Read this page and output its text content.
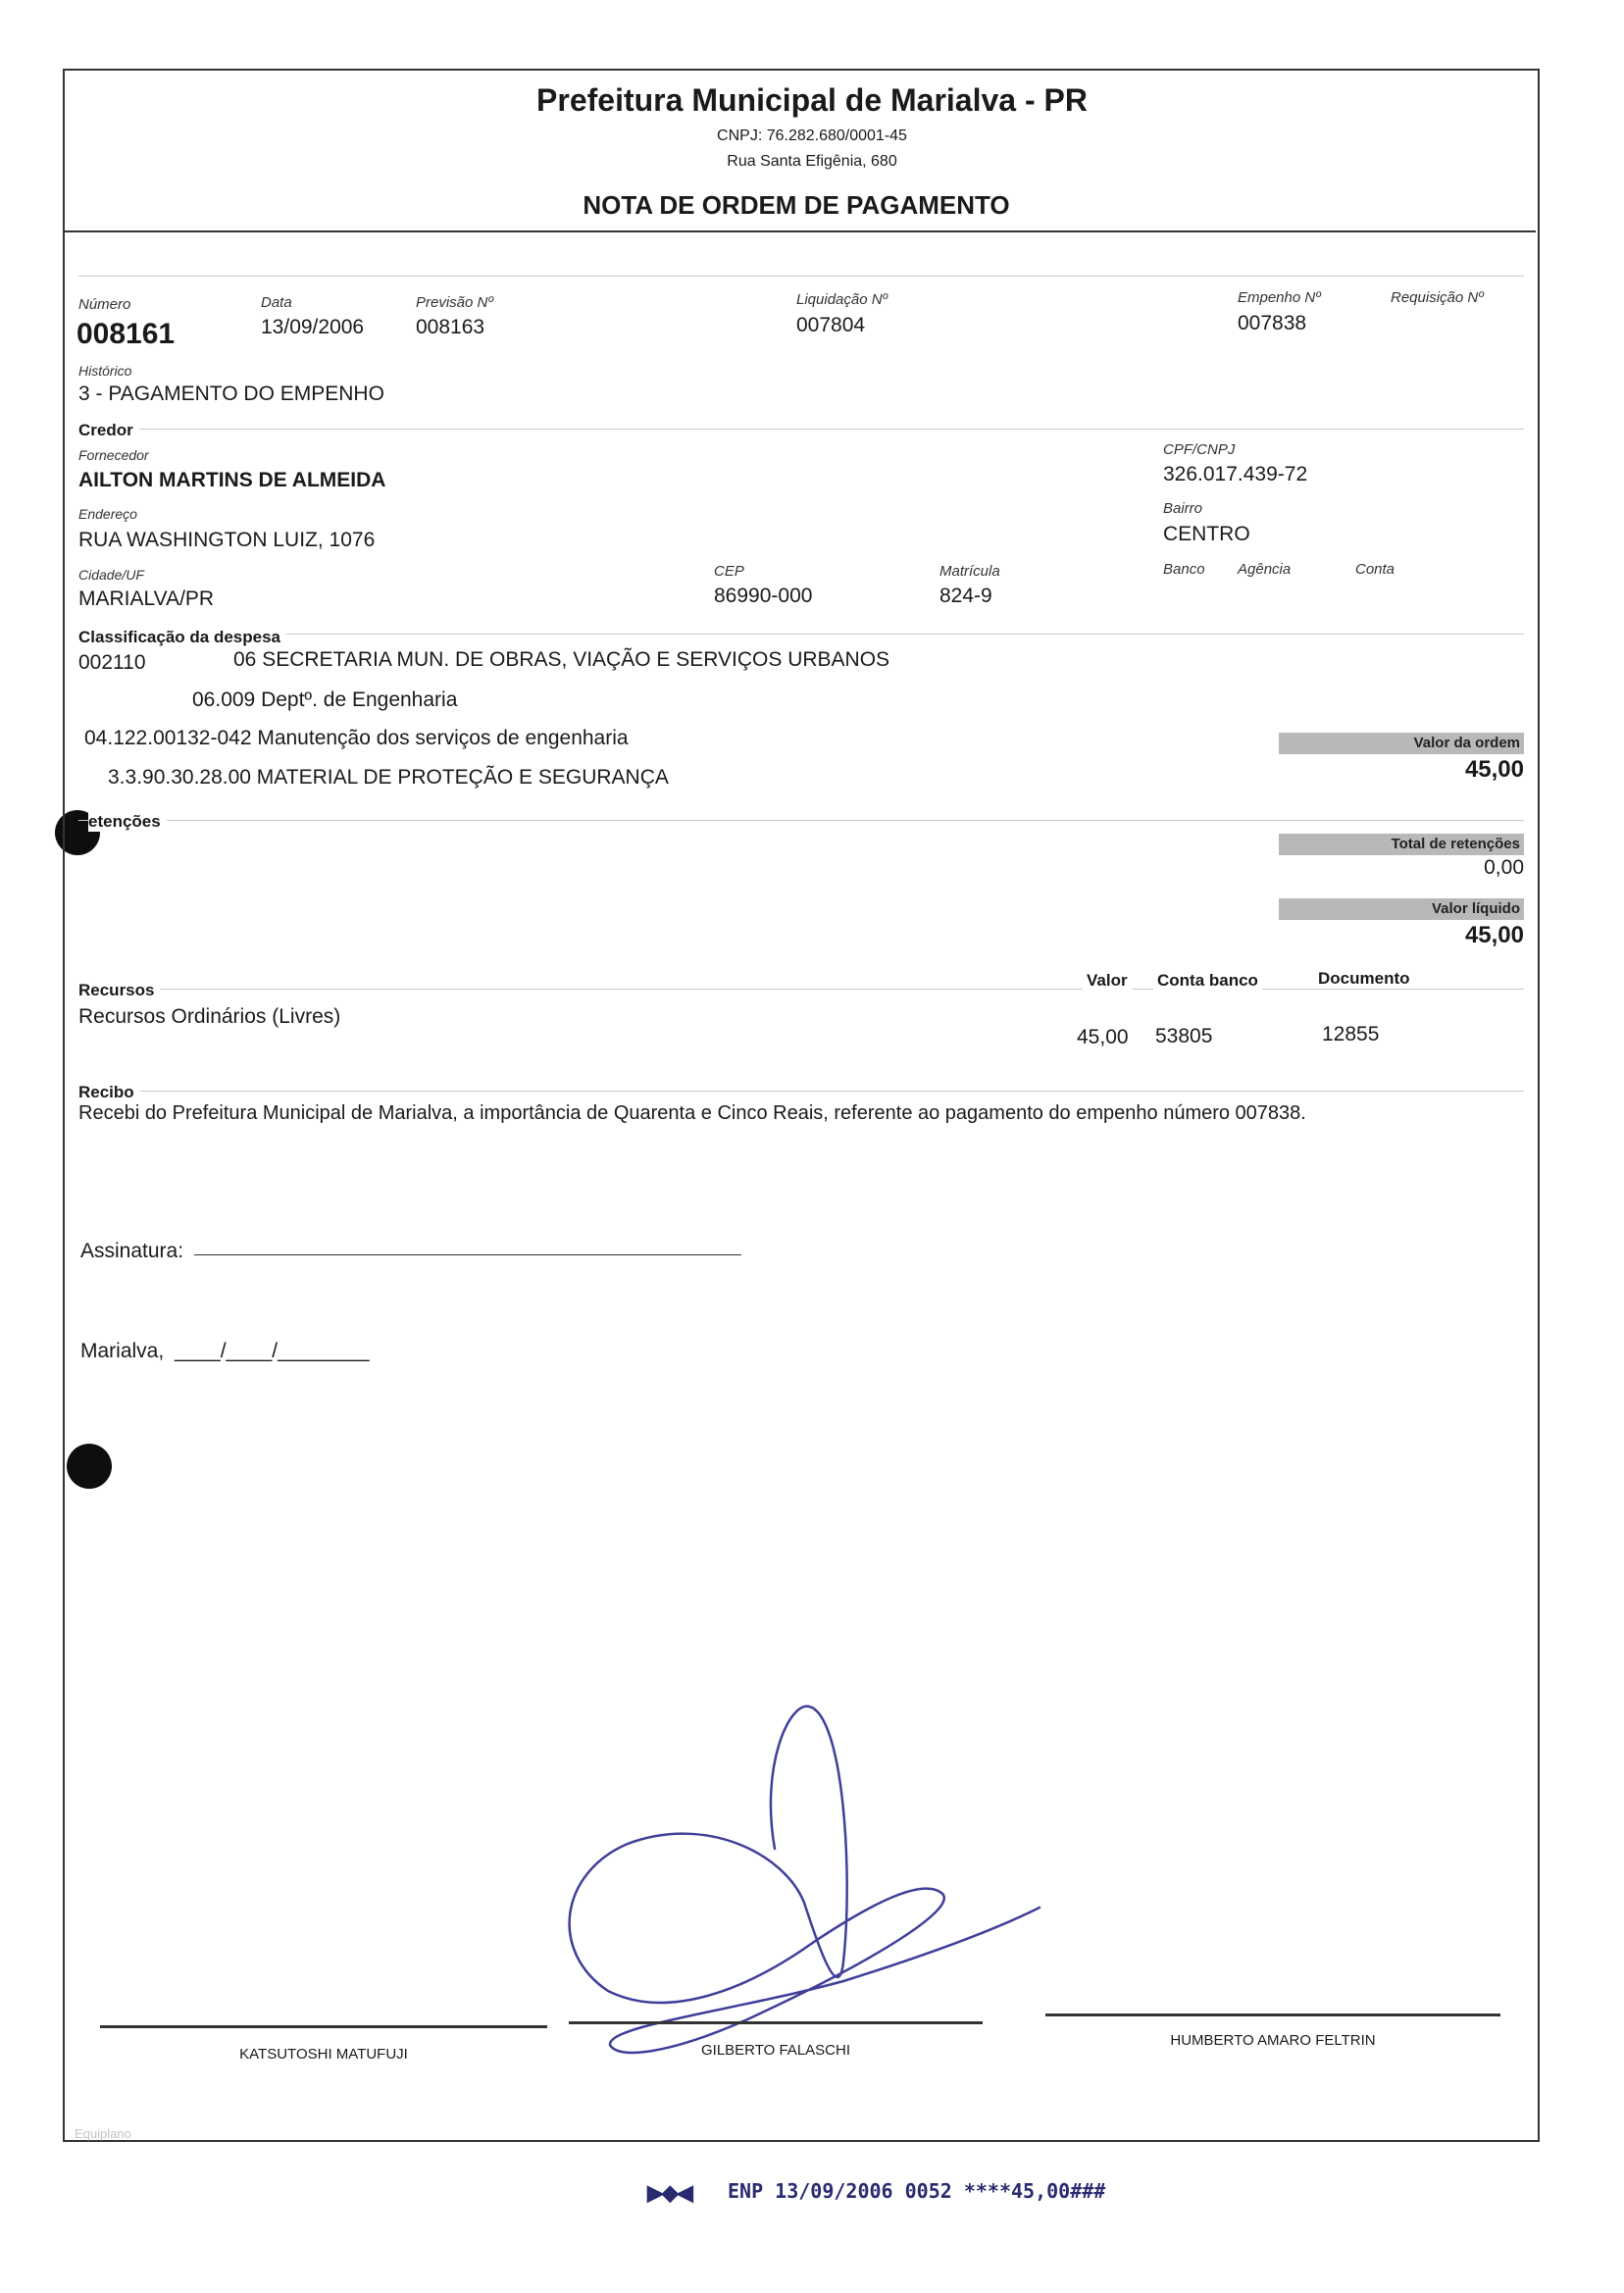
Prefeitura Municipal de Marialva - PR
CNPJ: 76.282.680/0001-45
Rua Santa Efigênia, 680
NOTA DE ORDEM DE PAGAMENTO
Número
008161
Data
13/09/2006
Previsão Nº
008163
Liquidação Nº
007804
Empenho Nº
007838
Requisição Nº
Histórico
3 - PAGAMENTO DO EMPENHO
Credor
Fornecedor
AILTON MARTINS DE ALMEIDA
CPF/CNPJ
326.017.439-72
Endereço
RUA WASHINGTON LUIZ, 1076
Bairro
CENTRO
Cidade/UF
MARIALVA/PR
CEP
86990-000
Matrícula
824-9
Banco Agência	Conta
Classificação da despesa
002110	06 SECRETARIA MUN. DE OBRAS, VIAÇÃO E SERVIÇOS URBANOS
06.009 Deptº. de Engenharia
04.122.00132-042 Manutenção dos serviços de engenharia
3.3.90.30.28.00 MATERIAL DE PROTEÇÃO E SEGURANÇA
Valor da ordem
45,00
etenções
Total de retenções
0,00
Valor líquido
45,00
Recursos
Valor Conta banco	Documento
Recursos Ordinários (Livres)
45,00 53805	12855
Recibo
Recebi do Prefeitura Municipal de Marialva, a importância de Quarenta e Cinco Reais, referente ao pagamento do empenho número 007838.
Assinatura:
Marialva, ____/____/________
KATSUTOSHI MATUFUJI	GILBERTO FALASCHI
HUMBERTO AMARO FELTRIN
Equiplano
▶◆◀ ENP 13/09/2006 0052 ****45,00###
